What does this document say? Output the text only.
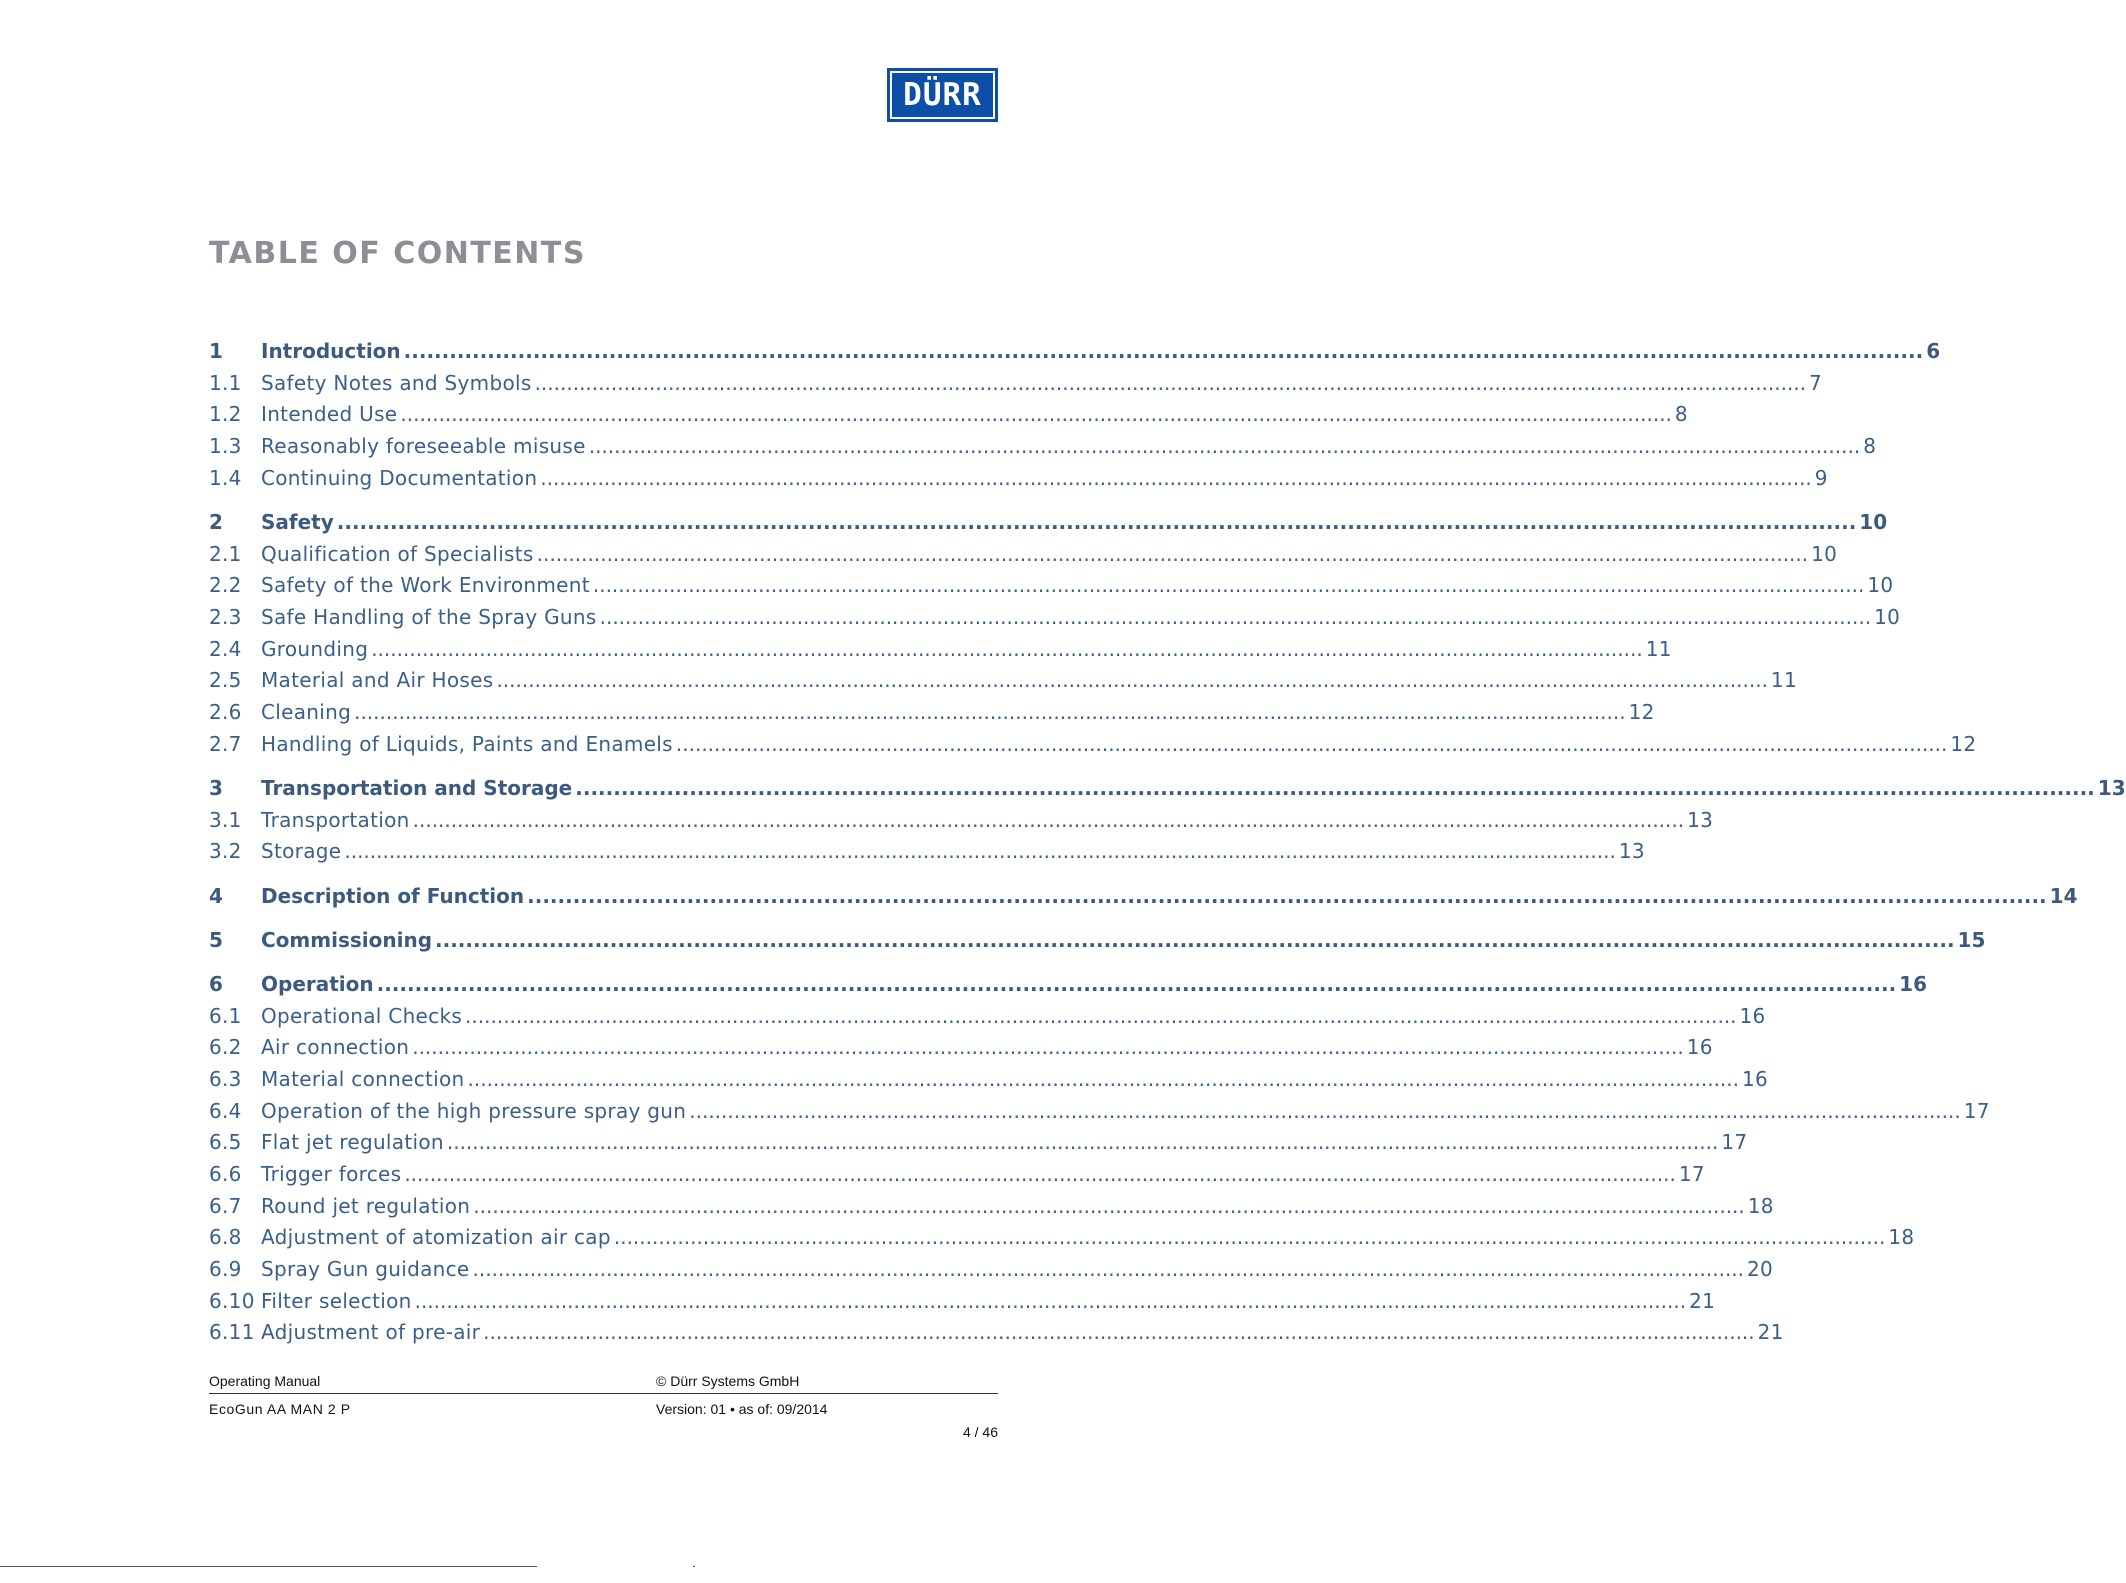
DÜRR
TABLE OF CONTENTS
1	Introduction ........................................................................................................................................................................................................ 6
1.1 Safety Notes and Symbols ........................................................................................................................................................................................................ 7
1.2 Intended Use ........................................................................................................................................................................................................ 8
1.3 Reasonably foreseeable misuse ........................................................................................................................................................................................................ 8
1.4 Continuing Documentation ........................................................................................................................................................................................................ 9
2	Safety ........................................................................................................................................................................................................ 10
2.1 Qualification of Specialists ........................................................................................................................................................................................................ 10
2.2 Safety of the Work Environment ........................................................................................................................................................................................................ 10
2.3 Safe Handling of the Spray Guns ........................................................................................................................................................................................................ 10
2.4 Grounding ........................................................................................................................................................................................................ 11
2.5 Material and Air Hoses ........................................................................................................................................................................................................ 11
2.6 Cleaning ........................................................................................................................................................................................................ 12
2.7 Handling of Liquids, Paints and Enamels ........................................................................................................................................................................................................ 12
3	Transportation and Storage ........................................................................................................................................................................................................ 13
3.1 Transportation ........................................................................................................................................................................................................ 13
3.2 Storage ........................................................................................................................................................................................................ 13
4	Description of Function ........................................................................................................................................................................................................ 14
5	Commissioning ........................................................................................................................................................................................................ 15
6	Operation ........................................................................................................................................................................................................ 16
6.1 Operational Checks ........................................................................................................................................................................................................ 16
6.2 Air connection ........................................................................................................................................................................................................ 16
6.3 Material connection ........................................................................................................................................................................................................ 16
6.4 Operation of the high pressure spray gun ........................................................................................................................................................................................................ 17
6.5 Flat jet regulation ........................................................................................................................................................................................................ 17
6.6 Trigger forces ........................................................................................................................................................................................................ 17
6.7 Round jet regulation ........................................................................................................................................................................................................ 18
6.8 Adjustment of atomization air cap ........................................................................................................................................................................................................ 18
6.9 Spray Gun guidance ........................................................................................................................................................................................................ 20
6.10 Filter selection ........................................................................................................................................................................................................ 21
6.11 Adjustment of pre-air ........................................................................................................................................................................................................ 21
Operating Manual	© Dürr Systems GmbH
EcoGun AA MAN 2 P	Version: 01 • as of: 09/2014
4 / 46
